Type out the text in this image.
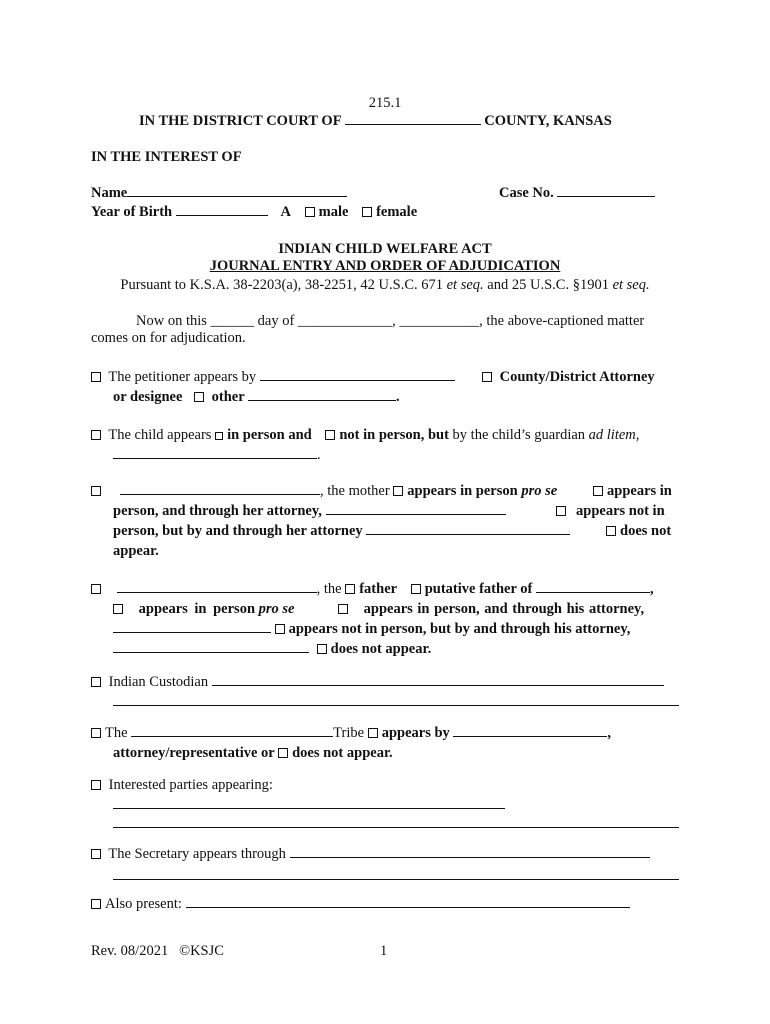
215.1
IN THE DISTRICT COURT OF	COUNTY, KANSAS
IN THE INTEREST OF
Name	Case No.
Year of Birth	A male female
INDIAN CHILD WELFARE ACT
JOURNAL ENTRY AND ORDER OF ADJUDICATION
Pursuant to K.S.A. 38-2203(a), 38-2251, 42 U.S.C. 671 et seq. and 25 U.S.C. §1901 et seq.
Now on this ______ day of _____________, ___________, the above-captioned matter
comes on for adjudication.
The petitioner appears by	County/District Attorney
or designee other	.
The child appears in person and not in person, but by the child’s guardian ad litem,
.
, the mother appears in person pro se	appears in
person, and through her attorney,	appears not in
person, but by and through her attorney	does not
appear.
, the father putative father of	,
appears in person pro se	appears in person, and through his attorney,
appears not in person, but by and through his attorney,
does not appear.
Indian Custodian
The	Tribe appears by	,
attorney/representative or does not appear.
Interested parties appearing:
The Secretary appears through
Also present:
Rev. 08/2021   ©KSJC	1
